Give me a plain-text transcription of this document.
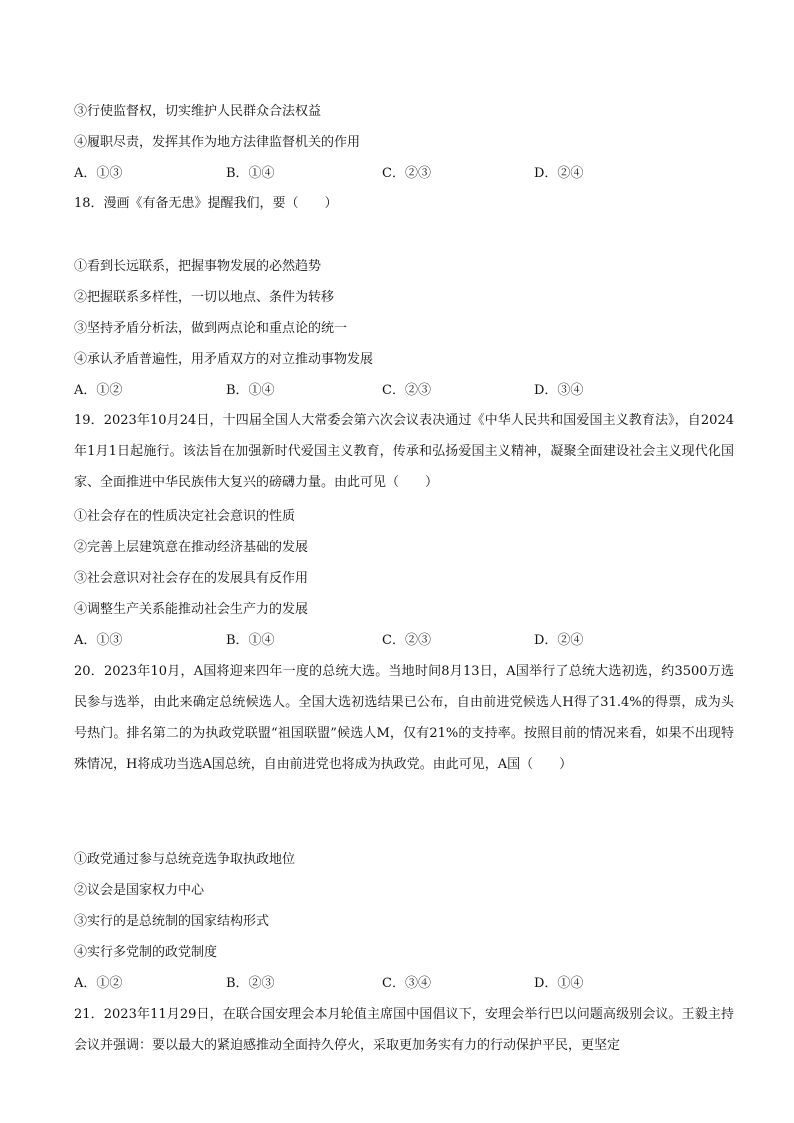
③行使监督权，切实维护人民群众合法权益
④履职尽责，发挥其作为地方法律监督机关的作用
A．①③	B．①④	C．②③	D．②④
18．漫画《有备无患》提醒我们，要（　　）
①看到长远联系，把握事物发展的必然趋势
②把握联系多样性，一切以地点、条件为转移
③坚持矛盾分析法，做到两点论和重点论的统一
④承认矛盾普遍性，用矛盾双方的对立推动事物发展
A．①②	B．①④	C．②③	D．③④
19．2023年10月24日，十四届全国人大常委会第六次会议表决通过《中华人民共和国爱国主义教育法》，自2024年1月1日起施行。该法旨在加强新时代爱国主义教育，传承和弘扬爱国主义精神，凝聚全面建设社会主义现代化国家、全面推进中华民族伟大复兴的磅礴力量。由此可见（　　）
①社会存在的性质决定社会意识的性质
②完善上层建筑意在推动经济基础的发展
③社会意识对社会存在的发展具有反作用
④调整生产关系能推动社会生产力的发展
A．①③	B．①④	C．②③	D．②④
20．2023年10月，A国将迎来四年一度的总统大选。当地时间8月13日，A国举行了总统大选初选，约3500万选民参与选举，由此来确定总统候选人。全国大选初选结果已公布，自由前进党候选人H得了31.4%的得票，成为头号热门。排名第二的为执政党联盟“祖国联盟”候选人M，仅有21%的支持率。按照目前的情况来看，如果不出现特殊情况，H将成功当选A国总统，自由前进党也将成为执政党。由此可见，A国（　　）
①政党通过参与总统竞选争取执政地位
②议会是国家权力中心
③实行的是总统制的国家结构形式
④实行多党制的政党制度
A．①②	B．②③	C．③④	D．①④
21．2023年11月29日，在联合国安理会本月轮值主席国中国倡议下，安理会举行巴以问题高级别会议。王毅主持会议并强调：要以最大的紧迫感推动全面持久停火，采取更加务实有力的行动保护平民，更坚定
